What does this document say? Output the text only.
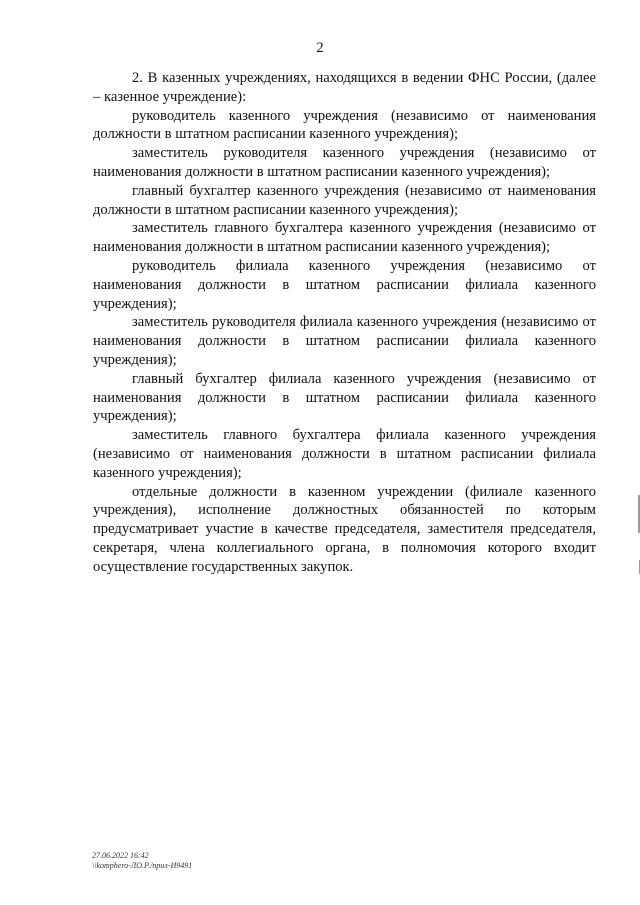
2

2. В казенных учреждениях, находящихся в ведении ФНС России, (далее – казенное учреждение):

руководитель казенного учреждения (независимо от наименования должности в штатном расписании казенного учреждения);

заместитель руководителя казенного учреждения (независимо от наименования должности в штатном расписании казенного учреждения);

главный бухгалтер казенного учреждения (независимо от наименования должности в штатном расписании казенного учреждения);

заместитель главного бухгалтера казенного учреждения (независимо от наименования должности в штатном расписании казенного учреждения);

руководитель филиала казенного учреждения (независимо от наименования должности в штатном расписании филиала казенного учреждения);

заместитель руководителя филиала казенного учреждения (независимо от наименования должности в штатном расписании филиала казенного учреждения);

главный бухгалтер филиала казенного учреждения (независимо от наименования должности в штатном расписании филиала казенного учреждения);

заместитель главного бухгалтера филиала казенного учреждения (независимо от наименования должности в штатном расписании филиала казенного учреждения);

отдельные должности в казенном учреждении (филиале казенного учреждения), исполнение должностных обязанностей по которым предусматривает участие в качестве председателя, заместителя председателя, секретаря, члена коллегиального органа, в полномочия которого входит осуществление государственных закупок.

27.06.2022 16:42
\\komphero-ЛО.Р./прил-И9491
